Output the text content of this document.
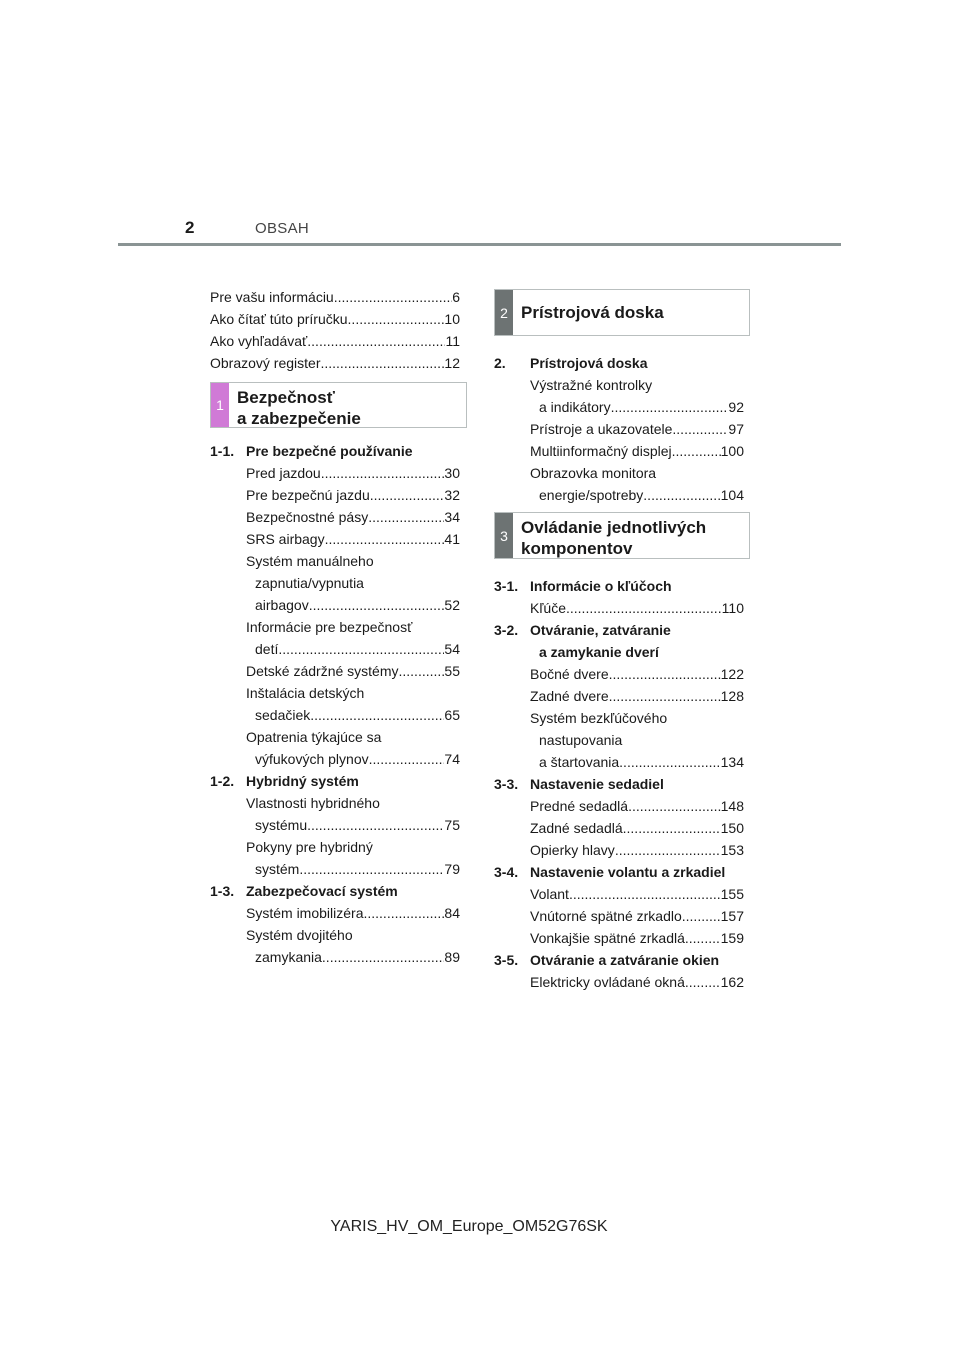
2	OBSAH
Pre vašu informáciu .....	6
Ako čítať túto príručku .....	10
Ako vyhľadávať .....	11
Obrazový register .....	12
1 Bezpečnosť
a zabezpečenie
1-1. Pre bezpečné používanie
Pred jazdou .....	30
Pre bezpečnú jazdu .....	32
Bezpečnostné pásy .....	34
SRS airbagy .....	41
Systém manuálneho
zapnutia/vypnutia
airbagov .....	52
Informácie pre bezpečnosť
detí .....	54
Detské zádržné systémy .....	55
Inštalácia detských
sedačiek .....	65
Opatrenia týkajúce sa
výfukových plynov .....	74
1-2. Hybridný systém
Vlastnosti hybridného
systému .....	75
Pokyny pre hybridný
systém .....	79
1-3. Zabezpečovací systém
Systém imobilizéra .....	84
Systém dvojitého
zamykania .....	89
2 Prístrojová doska
2.	Prístrojová doska
Výstražné kontrolky
a indikátory .....	92
Prístroje a ukazovatele .....	97
Multiinformačný displej .....	100
Obrazovka monitora
energie/spotreby .....	104
3 Ovládanie jednotlivých
komponentov
3-1. Informácie o kľúčoch
Kľúče .....	110
3-2. Otváranie, zatváranie
a zamykanie dverí
Bočné dvere .....	122
Zadné dvere .....	128
Systém bezkľúčového
nastupovania
a štartovania .....	134
3-3. Nastavenie sedadiel
Predné sedadlá .....	148
Zadné sedadlá .....	150
Opierky hlavy .....	153
3-4. Nastavenie volantu a zrkadiel
Volant .....	155
Vnútorné spätné zrkadlo .....	157
Vonkajšie spätné zrkadlá .....	159
3-5. Otváranie a zatváranie okien
Elektricky ovládané okná .....	162
YARIS_HV_OM_Europe_OM52G76SK
